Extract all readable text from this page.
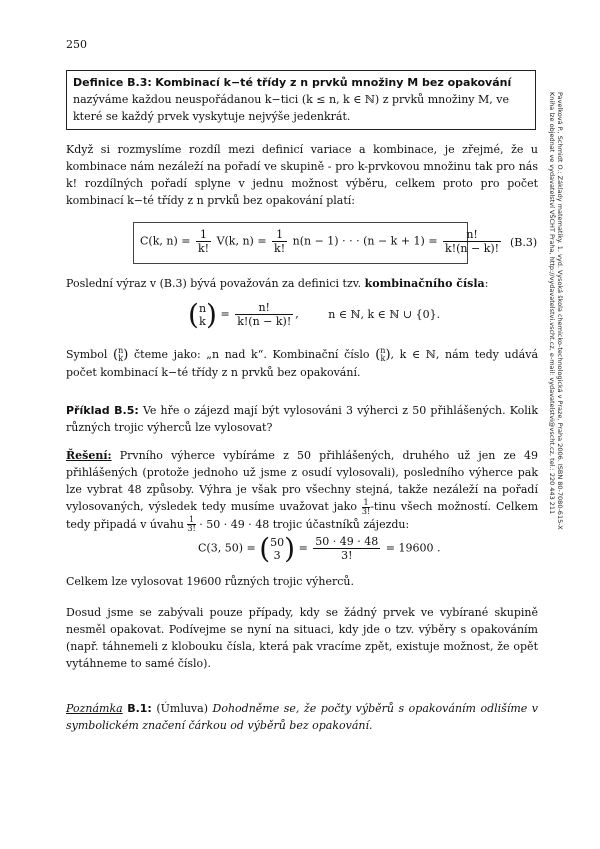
250
Pavelková P., Schmidt O.: Základy matematiky. 1. vyd. Vysoká škola chemicko-technologická v Praze, Praha 2006. ISBN 80-7080-615-X
Kniha lze objednat ve vydavatelství VŠCHT Praha, http://vydavatelstvi.vscht.cz, e-mail: vydavatelstvi@vscht.cz, tel.: 220 443 211
Definice B.3: Kombinací k−té třídy z n prvků množiny M bez opakování nazýváme každou neuspořádanou k−tici (k ≤ n, k ∈ ℕ) z prvků množiny M, ve které se každý prvek vyskytuje nejvýše jedenkrát.
Když si rozmyslíme rozdíl mezi definicí variace a kombinace, je zřejmé, že u kombinace nám nezáleží na pořadí ve skupině - pro k-prvkovou množinu tak pro nás k! rozdílných pořadí splyne v jednu možnost výběru, celkem proto pro počet kombinací k−té třídy z n prvků bez opakování platí:
C(k, $n) = \frac{1}{k!} V(k$, $n) = \frac{1}{k!} n(n - 1)$ · · · $(n - k + 1) = \frac{n!}{k!(n - k)!} (B.3)$
Poslední výraz v (B.3) bývá považován za definici tzv. kombinačního čísla:
( n
k ) = $\frac{n!}{k!(n - k)!}$ , n ∈ ℕ, k ∈ ℕ ∪ {0}.
Symbol ( n
k ) čteme jako: „n nad k“. Kombinační číslo ( n
k ), k ∈ ℕ, nám tedy udává počet kombinací k−té třídy z n prvků bez opakování.
Příklad B.5: Ve hře o zájezd mají být vylosováni 3 výherci z 50 přihlášených. Kolik různých trojic výherců lze vylosovat?
Řešení: Prvního výherce vybíráme z 50 přihlášených, druhého už jen ze 49 přihlášených (protože jednoho už jsme z osudí vylosovali), posledního výherce pak lze vybrat 48 způsoby. Výhra je však pro všechny stejná, takže nezáleží na pořadí vylosovaných, výsledek tedy musíme uvažovat jako $\frac{1}{3!}$-tinu všech možností. Celkem tedy připadá v úvahu $\frac{1}{3!} \cdot 50 \cdot 49 \cdot 48$ trojic účastníků zájezdu:
C(3, 50) = ( 50
3 ) = $\frac{50 \cdot 49 \cdot 48}{3!} = 19600$ .
Celkem lze vylosovat 19600 různých trojic výherců.
Dosud jsme se zabývali pouze případy, kdy se žádný prvek ve vybírané skupině nesměl opakovat. Podívejme se nyní na situaci, kdy jde o tzv. výběry s opakováním (např. táhnemeli z klobouku čísla, která pak vracíme zpět, existuje možnost, že opět vytáhneme to samé číslo).
Poznámka B.1: (Úmluva) Dohodněme se, že počty výběrů s opakováním odlišíme v symbolickém značení čárkou od výběrů bez opakování.
